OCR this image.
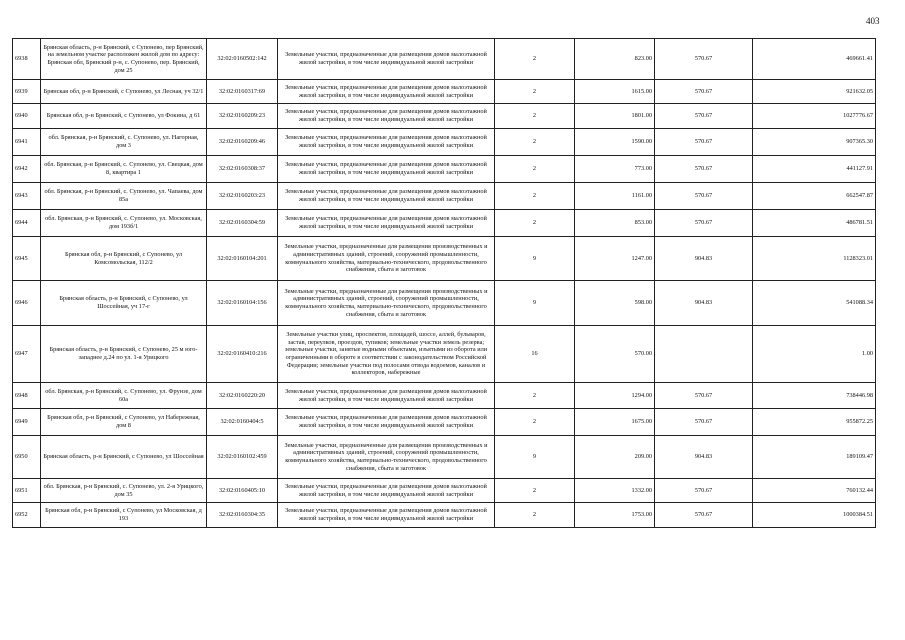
403
6938	Брянская область, р-н Брянский, с Супонево, пер Брянский, на земельном участке расположен жилой дом по адресу: Брянская обл, Брянский р-н, с. Супонево, пер. Брянский, дом 25	32:02:0160502:142	Земельные участки, предназначенные для размещения домов малоэтажной жилой застройки, в том числе индивидуальной жилой застройки	2	823.00	570.67	469661.41
6939	Брянская обл, р-н Брянский, с Супонево, ул Лесная, уч 32/1	32:02:0160317:69	Земельные участки, предназначенные для размещения домов малоэтажной жилой застройки, в том числе индивидуальной жилой застройки	2	1615.00	570.67	921632.05
6940	Брянская обл, р-н Брянский, с Супонево, ул Фокина, д 61	32:02:0160209:23	Земельные участки, предназначенные для размещения домов малоэтажной жилой застройки, в том числе индивидуальной жилой застройки	2	1801.00	570.67	1027776.67
6941	обл. Брянская, р-н Брянский, с. Супонево, ул. Нагорная, дом 3	32:02:0160209:46	Земельные участки, предназначенные для размещения домов малоэтажной жилой застройки, в том числе индивидуальной жилой застройки	2	1590.00	570.67	907365.30
6942	обл. Брянская, р-н Брянский, с. Супонево, ул. Свецкая, дом 8, квартира 1	32:02:0160308:37	Земельные участки, предназначенные для размещения домов малоэтажной жилой застройки, в том числе индивидуальной жилой застройки	2	773.00	570.67	441127.91
6943	обл. Брянская, р-н Брянский, с. Супонево, ул. Чапаева, дом 85а	32:02:0160203:23	Земельные участки, предназначенные для размещения домов малоэтажной жилой застройки, в том числе индивидуальной жилой застройки	2	1161.00	570.67	662547.87
6944	обл. Брянская, р-н Брянский, с. Супонево, ул. Московская, дом 193б/1	32:02:0160304:59	Земельные участки, предназначенные для размещения домов малоэтажной жилой застройки, в том числе индивидуальной жилой застройки	2	853.00	570.67	486781.51
6945	Брянская обл, р-н Брянский, с Супонево, ул Комсомольская, 112/2	32:02:0160104:201	Земельные участки, предназначенные для размещения производственных и административных зданий, строений, сооружений промышленности, коммунального хозяйства, материально-технического, продовольственного снабжения, сбыта и заготовок	9	1247.00	904.83	1128323.01
6946	Брянская область, р-н Брянский, с Супонево, ул Шоссейная, уч 17-г	32:02:0160104:156	Земельные участки, предназначенные для размещения производственных и административных зданий, строений, сооружений промышленности, коммунального хозяйства, материально-технического, продовольственного снабжения, сбыта и заготовок	9	598.00	904.83	541088.34
6947	Брянская область, р-н Брянский, с Супонево, 25 м юго-западнее д.24 по ул. 1-я Урицкого	32:02:0160410:216	Земельные участки улиц, проспектов, площадей, шоссе, аллей, бульваров, застав, переулков, проездов, тупиков; земельные участки земель резерва; земельные участки, занятые водными объектами, изъятыми из оборота или ограниченными в обороте в соответствии с законодательством Российской Федерации; земельные участки под полосами отвода водоемов, каналов и коллекторов, набережные	16	570.00		1.00
6948	обл. Брянская, р-н Брянский, с. Супонево, ул. Фрунзе, дом 60а	32:02:0160220:20	Земельные участки, предназначенные для размещения домов малоэтажной жилой застройки, в том числе индивидуальной жилой застройки	2	1294.00	570.67	738446.98
6949	Брянская обл, р-н Брянский, с Супонево, ул Набережная, дом 8	32:02:0160404:5	Земельные участки, предназначенные для размещения домов малоэтажной жилой застройки, в том числе индивидуальной жилой застройки	2	1675.00	570.67	955872.25
6950	Брянская область, р-н Брянский, с Супонево, ул Шоссейная	32:02:0160102:459	Земельные участки, предназначенные для размещения производственных и административных зданий, строений, сооружений промышленности, коммунального хозяйства, материально-технического, продовольственного снабжения, сбыта и заготовок	9	209.00	904.83	189109.47
6951	обл. Брянская, р-н Брянский, с. Супонево, ул. 2-я Урицкого, дом 35	32:02:0160405:10	Земельные участки, предназначенные для размещения домов малоэтажной жилой застройки, в том числе индивидуальной жилой застройки	2	1332.00	570.67	760132.44
6952	Брянская обл, р-н Брянский, с Супонево, ул Московская, д 193	32:02:0160304:35	Земельные участки, предназначенные для размещения домов малоэтажной жилой застройки, в том числе индивидуальной жилой застройки	2	1753.00	570.67	1000384.51
